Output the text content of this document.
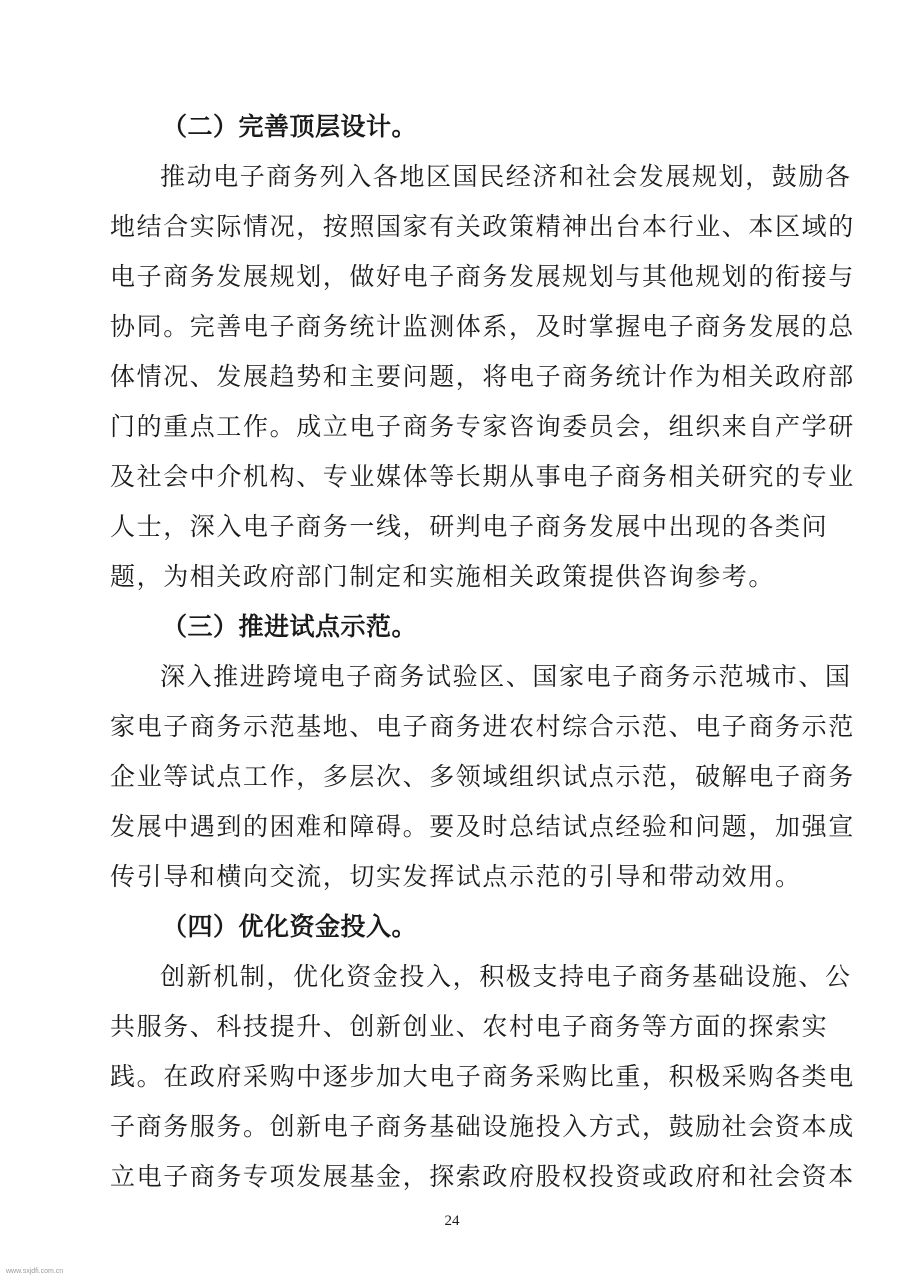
（二）完善顶层设计。
推动电子商务列入各地区国民经济和社会发展规划，鼓励各
地结合实际情况，按照国家有关政策精神出台本行业、本区域的
电子商务发展规划，做好电子商务发展规划与其他规划的衔接与
协同。完善电子商务统计监测体系，及时掌握电子商务发展的总
体情况、发展趋势和主要问题，将电子商务统计作为相关政府部
门的重点工作。成立电子商务专家咨询委员会，组织来自产学研
及社会中介机构、专业媒体等长期从事电子商务相关研究的专业
人士，深入电子商务一线，研判电子商务发展中出现的各类问
题，为相关政府部门制定和实施相关政策提供咨询参考。
（三）推进试点示范。
深入推进跨境电子商务试验区、国家电子商务示范城市、国
家电子商务示范基地、电子商务进农村综合示范、电子商务示范
企业等试点工作，多层次、多领域组织试点示范，破解电子商务
发展中遇到的困难和障碍。要及时总结试点经验和问题，加强宣
传引导和横向交流，切实发挥试点示范的引导和带动效用。
（四）优化资金投入。
创新机制，优化资金投入，积极支持电子商务基础设施、公
共服务、科技提升、创新创业、农村电子商务等方面的探索实
践。在政府采购中逐步加大电子商务采购比重，积极采购各类电
子商务服务。创新电子商务基础设施投入方式，鼓励社会资本成
立电子商务专项发展基金，探索政府股权投资或政府和社会资本
24
www.sxjdfi.com.cn
